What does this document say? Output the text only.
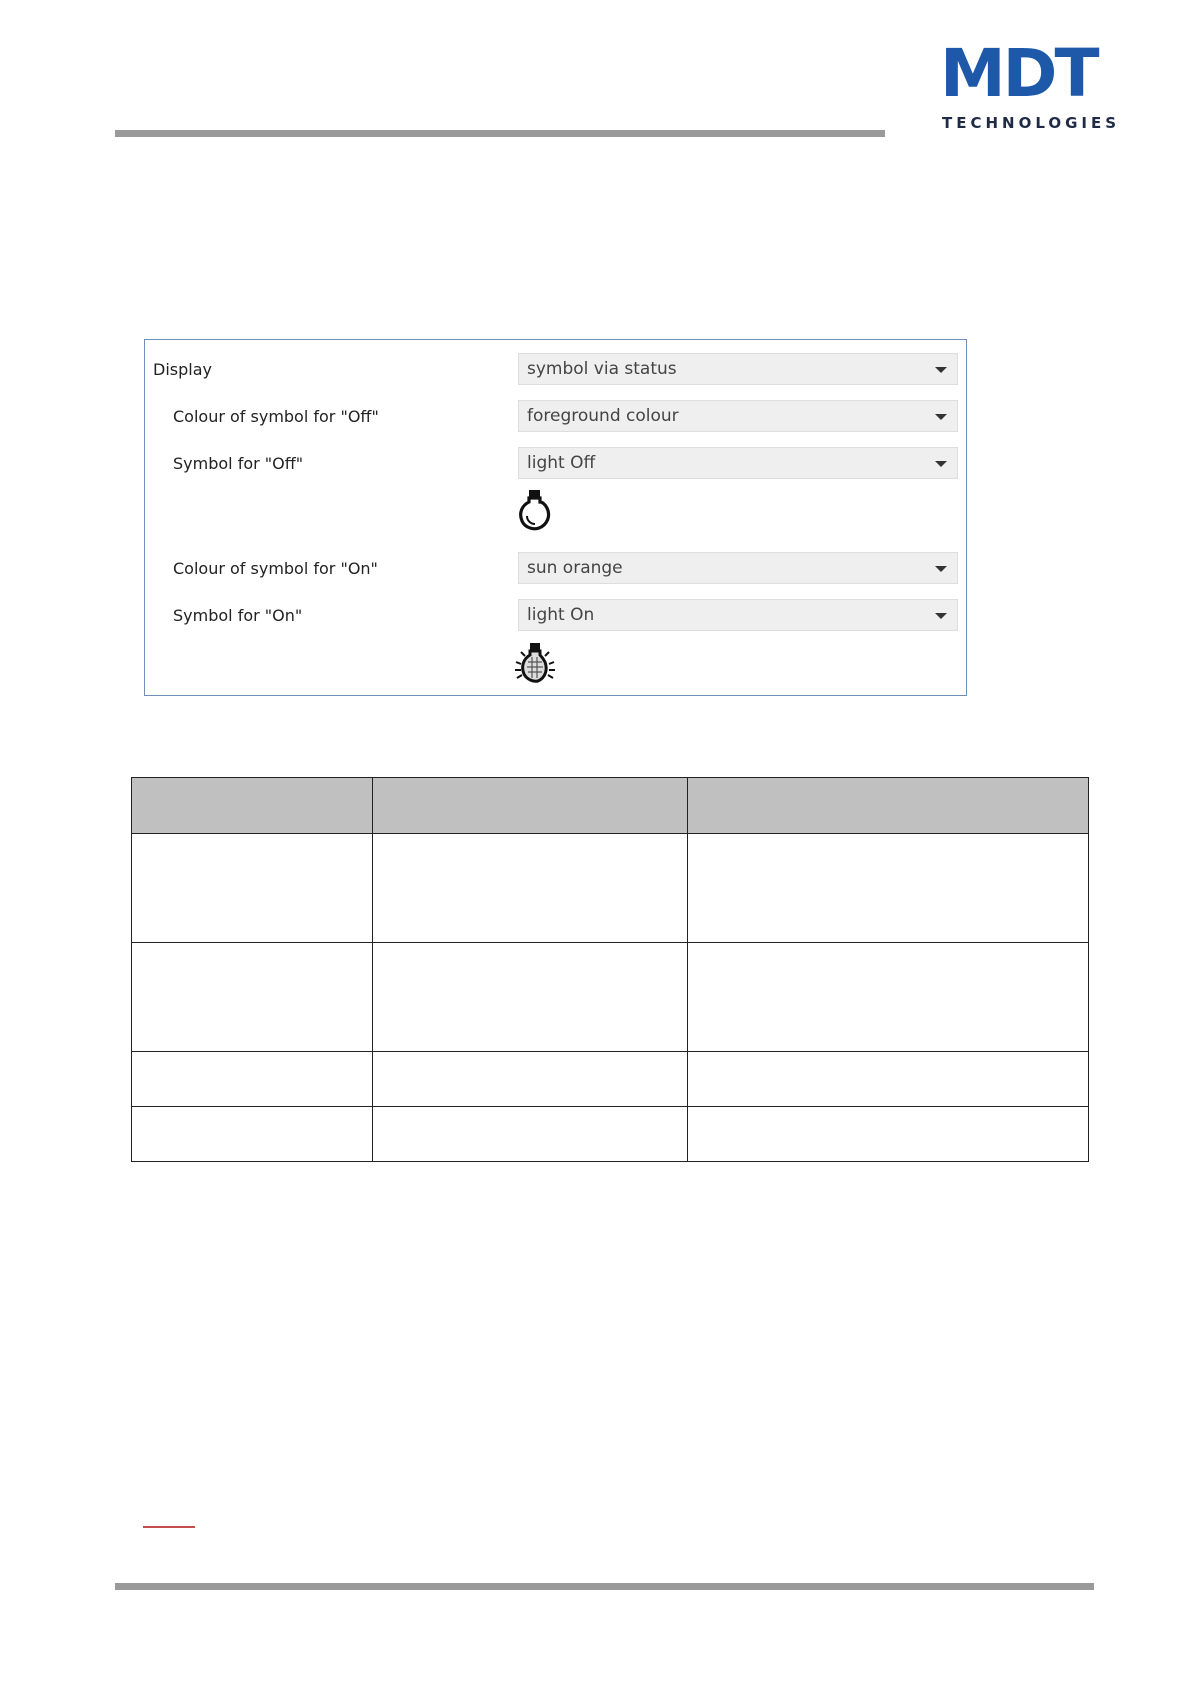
MDT
TECHNOLOGIES
Display	symbol via status
Colour of symbol for "Off"	foreground colour
Symbol for "Off"	light Off
Colour of symbol for "On"	sun orange
Symbol for "On"	light On
